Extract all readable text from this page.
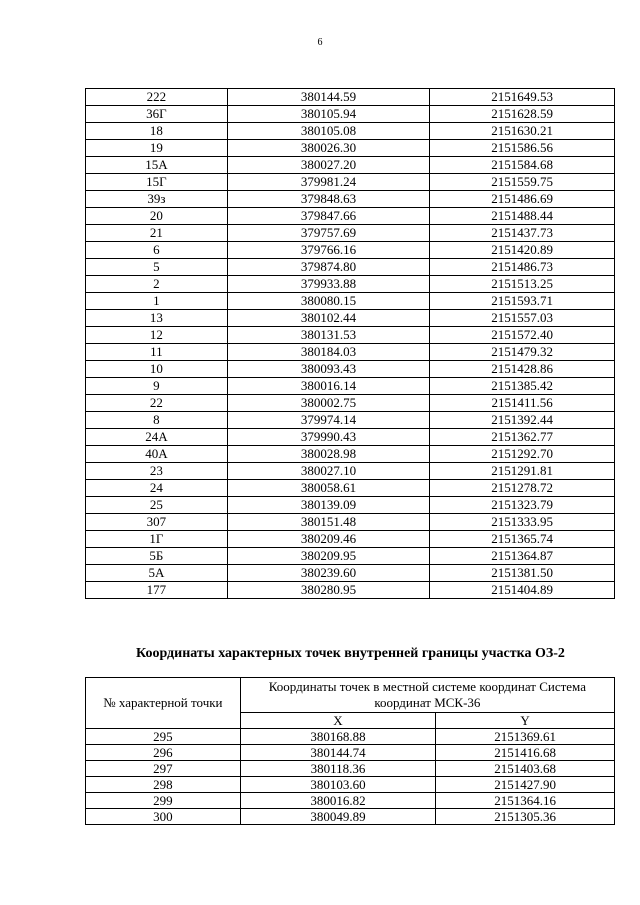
6
222	380144.59	2151649.53
36Г	380105.94	2151628.59
18	380105.08	2151630.21
19	380026.30	2151586.56
15А	380027.20	2151584.68
15Г	379981.24	2151559.75
39з	379848.63	2151486.69
20	379847.66	2151488.44
21	379757.69	2151437.73
6	379766.16	2151420.89
5	379874.80	2151486.73
2	379933.88	2151513.25
1	380080.15	2151593.71
13	380102.44	2151557.03
12	380131.53	2151572.40
11	380184.03	2151479.32
10	380093.43	2151428.86
9	380016.14	2151385.42
22	380002.75	2151411.56
8	379974.14	2151392.44
24А	379990.43	2151362.77
40А	380028.98	2151292.70
23	380027.10	2151291.81
24	380058.61	2151278.72
25	380139.09	2151323.79
307	380151.48	2151333.95
1Г	380209.46	2151365.74
5Б	380209.95	2151364.87
5А	380239.60	2151381.50
177	380280.95	2151404.89
Координаты характерных точек внутренней границы участка ОЗ-2
№ характерной точки	Координаты точек в местной системе координат Система координат МСК-36	
	X	Y
295	380168.88	2151369.61
296	380144.74	2151416.68
297	380118.36	2151403.68
298	380103.60	2151427.90
299	380016.82	2151364.16
300	380049.89	2151305.36
